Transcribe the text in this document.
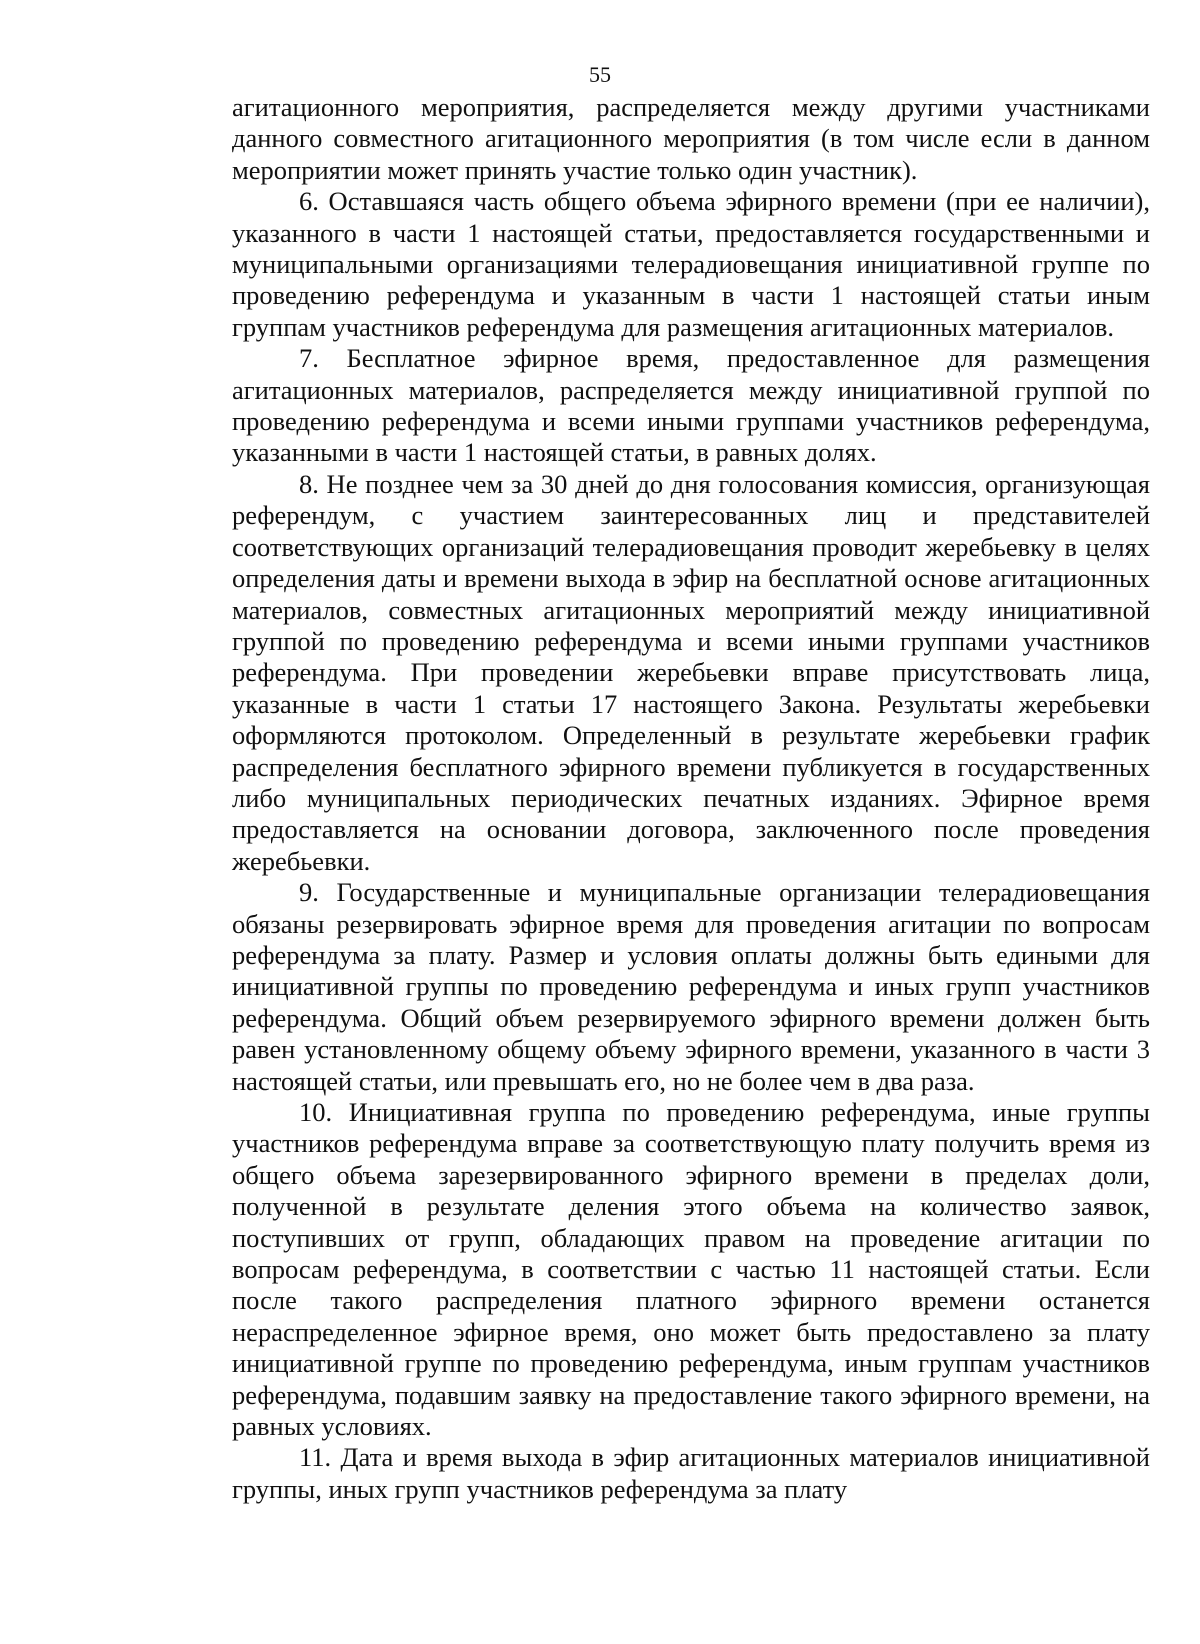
55

агитационного мероприятия, распределяется между другими участниками данного совместного агитационного мероприятия (в том числе если в данном мероприятии может принять участие только один участник).

6. Оставшаяся часть общего объема эфирного времени (при ее наличии), указанного в части 1 настоящей статьи, предоставляется государственными и муниципальными организациями телерадиовещания инициативной группе по проведению референдума и указанным в части 1 настоящей статьи иным группам участников референдума для размещения агитационных материалов.

7. Бесплатное эфирное время, предоставленное для размещения агитационных материалов, распределяется между инициативной группой по проведению референдума и всеми иными группами участников референдума, указанными в части 1 настоящей статьи, в равных долях.

8. Не позднее чем за 30 дней до дня голосования комиссия, организующая референдум, с участием заинтересованных лиц и представителей соответствующих организаций телерадиовещания проводит жеребьевку в целях определения даты и времени выхода в эфир на бесплатной основе агитационных материалов, совместных агитационных мероприятий между инициативной группой по проведению референдума и всеми иными группами участников референдума. При проведении жеребьевки вправе присутствовать лица, указанные в части 1 статьи 17 настоящего Закона. Результаты жеребьевки оформляются протоколом. Определенный в результате жеребьевки график распределения бесплатного эфирного времени публикуется в государственных либо муниципальных периодических печатных изданиях. Эфирное время предоставляется на основании договора, заключенного после проведения жеребьевки.

9. Государственные и муниципальные организации телерадиовещания обязаны резервировать эфирное время для проведения агитации по вопросам референдума за плату. Размер и условия оплаты должны быть едиными для инициативной группы по проведению референдума и иных групп участников референдума. Общий объем резервируемого эфирного времени должен быть равен установленному общему объему эфирного времени, указанного в части 3 настоящей статьи, или превышать его, но не более чем в два раза.

10. Инициативная группа по проведению референдума, иные группы участников референдума вправе за соответствующую плату получить время из общего объема зарезервированного эфирного времени в пределах доли, полученной в результате деления этого объема на количество заявок, поступивших от групп, обладающих правом на проведение агитации по вопросам референдума, в соответствии с частью 11 настоящей статьи. Если после такого распределения платного эфирного времени останется нераспределенное эфирное время, оно может быть предоставлено за плату инициативной группе по проведению референдума, иным группам участников референдума, подавшим заявку на предоставление такого эфирного времени, на равных условиях.

11. Дата и время выхода в эфир агитационных материалов инициативной группы, иных групп участников референдума за плату
